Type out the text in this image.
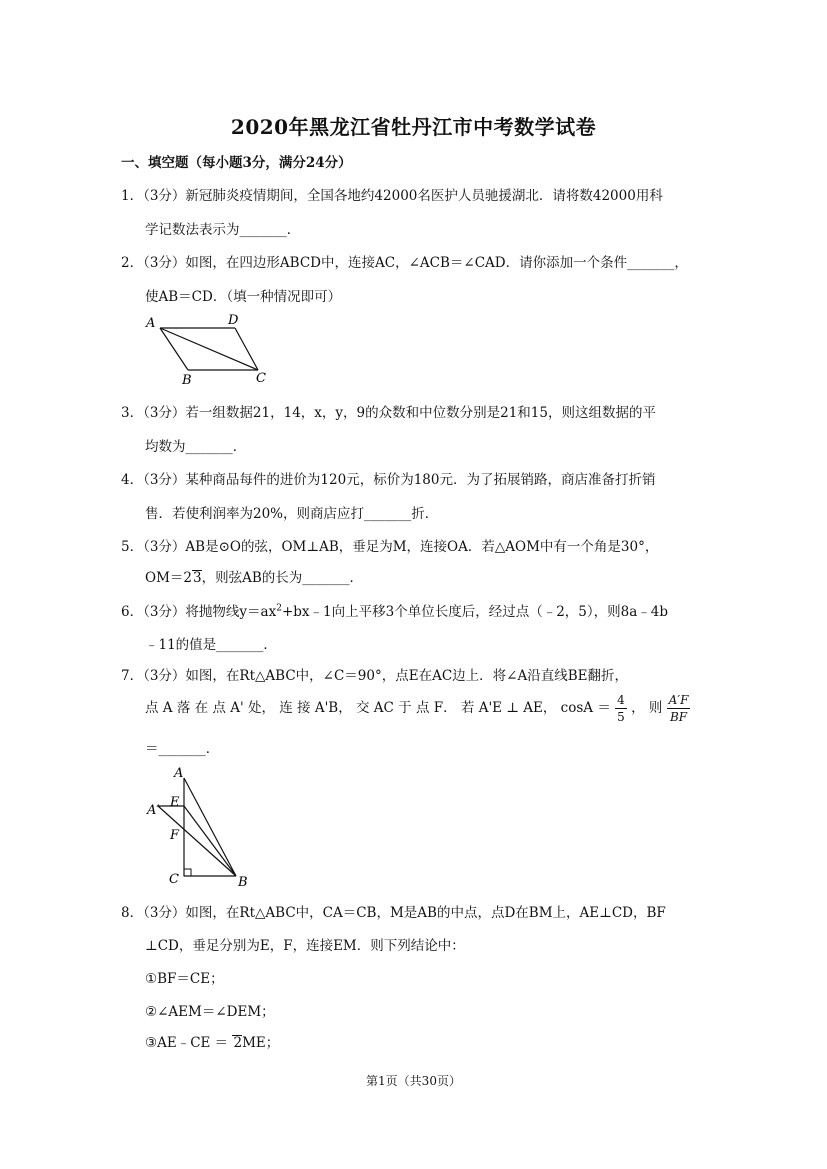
2020年黑龙江省牡丹江市中考数学试卷
一、填空题（每小题3分，满分24分）
1．（3分）新冠肺炎疫情期间，全国各地约42000名医护人员驰援湖北．请将数42000用科
学记数法表示为_______．
2．（3分）如图，在四边形ABCD中，连接AC，∠ACB＝∠CAD．请你添加一个条件_______，
使AB＝CD．（填一种情况即可）
A	D
B	C
3．（3分）若一组数据21，14，x，y，9的众数和中位数分别是21和15，则这组数据的平
均数为_______．
4．（3分）某种商品每件的进价为120元，标价为180元．为了拓展销路，商店准备打折销
售．若使利润率为20%，则商店应打_______折．
5．（3分）AB是⊙O的弦，OM⊥AB，垂足为M，连接OA．若△AOM中有一个角是30°，
OM＝23，则弦AB的长为_______．
6．（3分）将抛物线$y=ax^2+bx﹣1$向上平移3个单位长度后，经过点（﹣2，5），则8a﹣4b
﹣11的值是_______．
7．（3分）如图，在Rt△ABC中，∠C＝90°，点E在AC边上．将∠A沿直线BE翻折，
点 A 落 在 点 A' 处， 连 接 A'B， 交 AC 于 点 F． 若 A'E ⊥ AE， $\cos A = \frac{4}{5}$ ， 则 $\frac{A'F}{BF}$
＝_______．
A
A′
E
F
C	B
8．（3分）如图，在Rt△ABC中，CA＝CB，M是AB的中点，点D在BM上，AE⊥CD，BF
⊥CD，垂足分别为E，F，连接EM．则下列结论中：
①BF＝CE；
②∠AEM＝∠DEM；
③AE﹣CE ＝ 2ME；
第1页（共30页）
